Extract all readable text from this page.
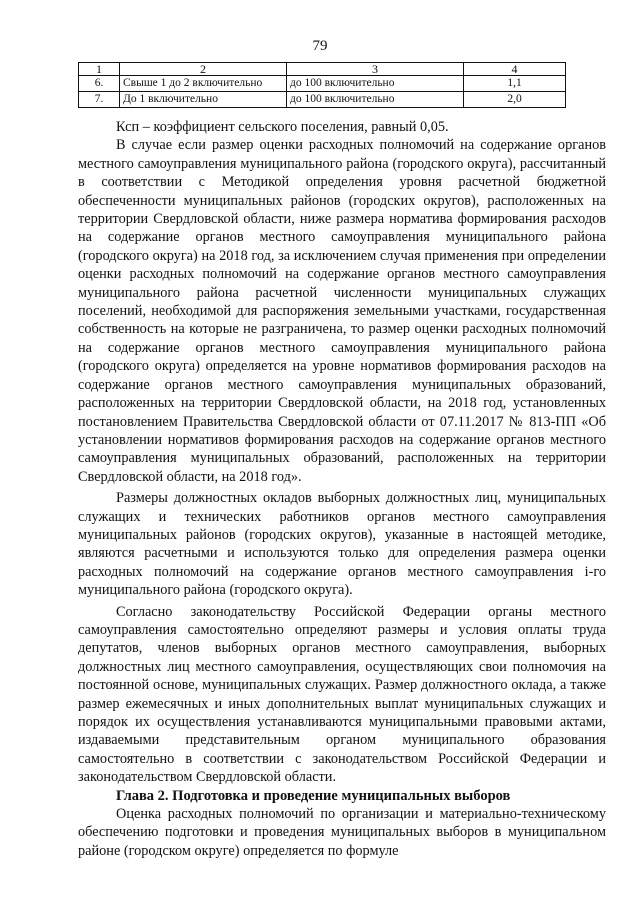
79
1	2	3	4
6.	Свыше 1 до 2 включительно	до 100 включительно	1,1
7.	До 1 включительно	до 100 включительно	2,0

Ксп – коэффициент сельского поселения, равный 0,05.

В случае если размер оценки расходных полномочий на содержание органов местного самоуправления муниципального района (городского округа), рассчитанный в соответствии с Методикой определения уровня расчетной бюджетной обеспеченности муниципальных районов (городских округов), расположенных на территории Свердловской области, ниже размера норматива формирования расходов на содержание органов местного самоуправления муниципального района (городского округа) на 2018 год, за исключением случая применения при определении оценки расходных полномочий на содержание органов местного самоуправления муниципального района расчетной численности муниципальных служащих поселений, необходимой для распоряжения земельными участками, государственная собственность на которые не разграничена, то размер оценки расходных полномочий на содержание органов местного самоуправления муниципального района (городского округа) определяется на уровне нормативов формирования расходов на содержание органов местного самоуправления муниципальных образований, расположенных на территории Свердловской области, на 2018 год, установленных постановлением Правительства Свердловской области от 07.11.2017 № 813-ПП «Об установлении нормативов формирования расходов на содержание органов местного самоуправления муниципальных образований, расположенных на территории Свердловской области, на 2018 год».

Размеры должностных окладов выборных должностных лиц, муниципальных служащих и технических работников органов местного самоуправления муниципальных районов (городских округов), указанные в настоящей методике, являются расчетными и используются только для определения размера оценки расходных полномочий на содержание органов местного самоуправления i-го муниципального района (городского округа).

Согласно законодательству Российской Федерации органы местного самоуправления самостоятельно определяют размеры и условия оплаты труда депутатов, членов выборных органов местного самоуправления, выборных должностных лиц местного самоуправления, осуществляющих свои полномочия на постоянной основе, муниципальных служащих. Размер должностного оклада, а также размер ежемесячных и иных дополнительных выплат муниципальных служащих и порядок их осуществления устанавливаются муниципальными правовыми актами, издаваемыми представительным органом муниципального образования самостоятельно в соответствии с законодательством Российской Федерации и законодательством Свердловской области.

Глава 2. Подготовка и проведение муниципальных выборов

Оценка расходных полномочий по организации и материально-техническому обеспечению подготовки и проведения муниципальных выборов в муниципальном районе (городском округе) определяется по формуле
